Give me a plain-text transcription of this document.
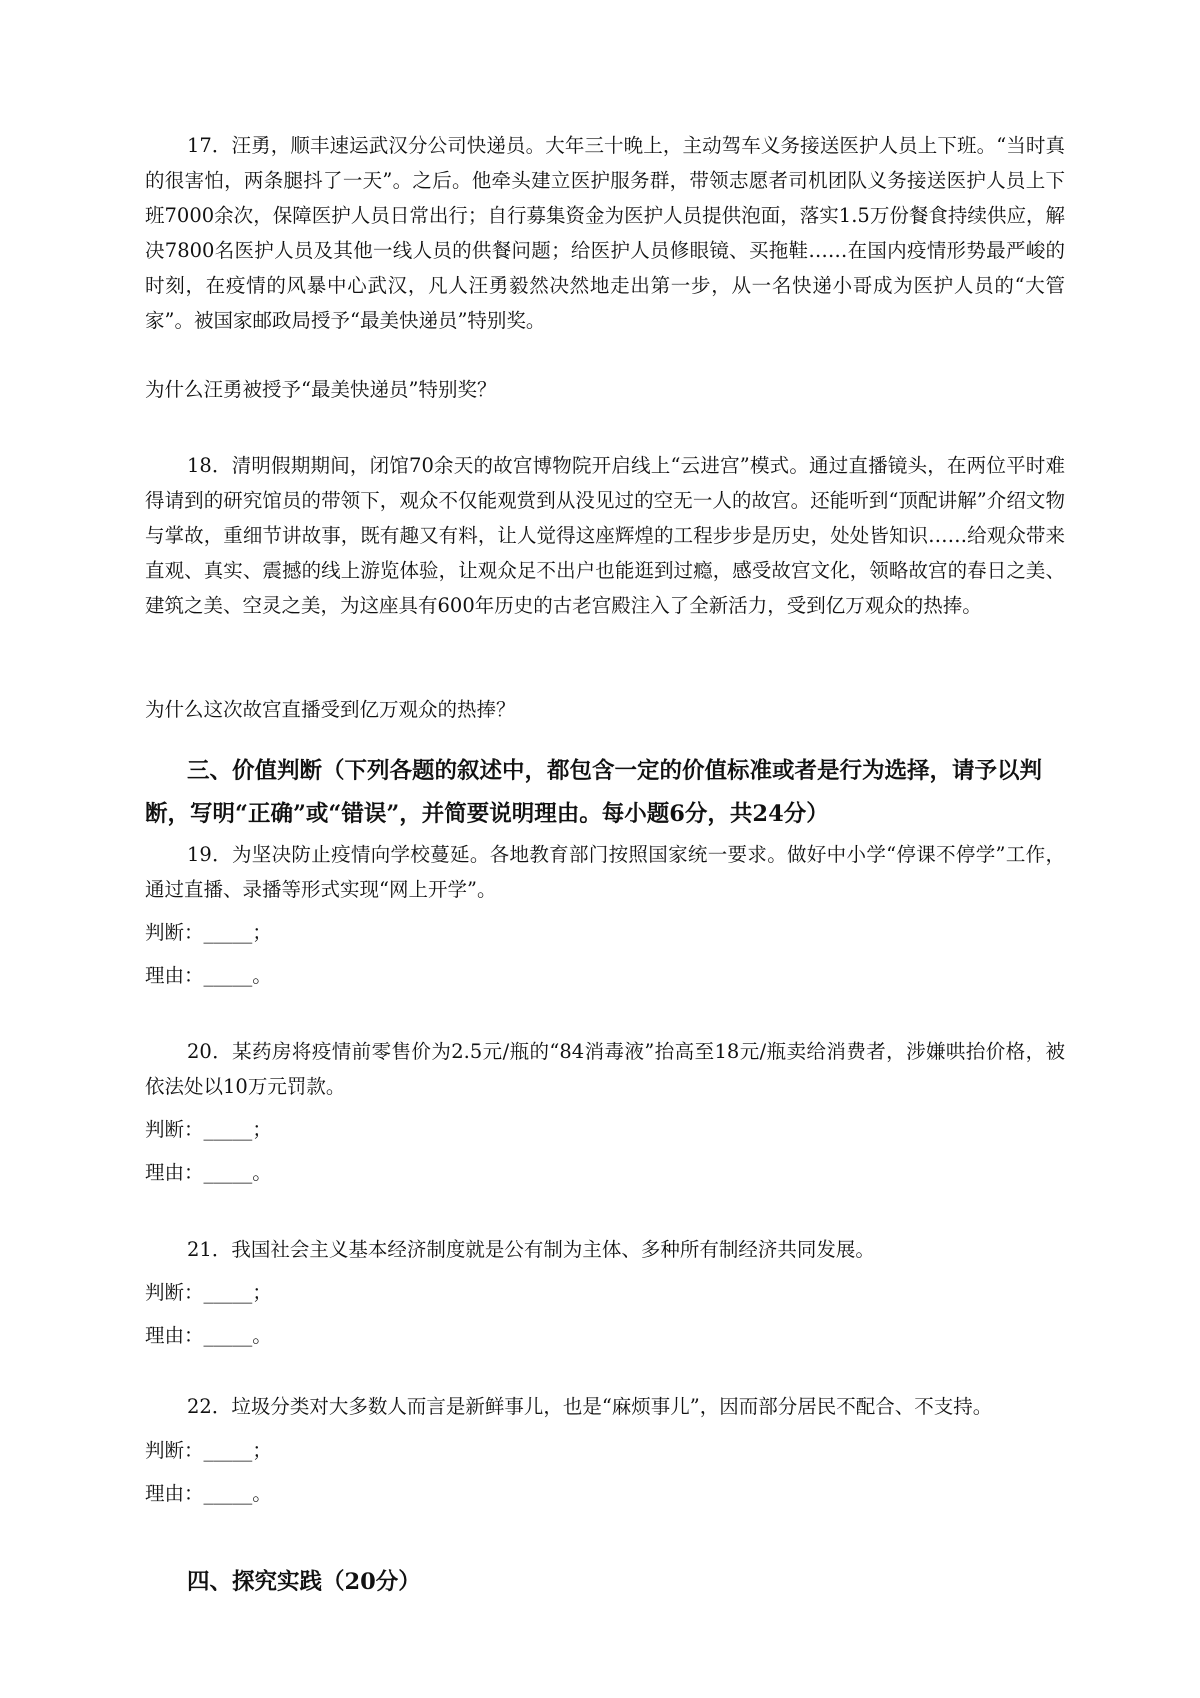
17．汪勇，顺丰速运武汉分公司快递员。大年三十晚上，主动驾车义务接送医护人员上下班。“当时真的很害怕，两条腿抖了一天”。之后。他牵头建立医护服务群，带领志愿者司机团队义务接送医护人员上下班7000余次，保障医护人员日常出行；自行募集资金为医护人员提供泡面，落实1.5万份餐食持续供应，解决7800名医护人员及其他一线人员的供餐问题；给医护人员修眼镜、买拖鞋……在国内疫情形势最严峻的时刻，在疫情的风暴中心武汉，凡人汪勇毅然决然地走出第一步，从一名快递小哥成为医护人员的“大管家”。被国家邮政局授予“最美快递员”特别奖。

为什么汪勇被授予“最美快递员”特别奖？

18．清明假期期间，闭馆70余天的故宫博物院开启线上“云进宫”模式。通过直播镜头，在两位平时难得请到的研究馆员的带领下，观众不仅能观赏到从没见过的空无一人的故宫。还能听到“顶配讲解”介绍文物与掌故，重细节讲故事，既有趣又有料，让人觉得这座辉煌的工程步步是历史，处处皆知识……给观众带来直观、真实、震撼的线上游览体验，让观众足不出户也能逛到过瘾，感受故宫文化，领略故宫的春日之美、建筑之美、空灵之美，为这座具有600年历史的古老宫殿注入了全新活力，受到亿万观众的热捧。

为什么这次故宫直播受到亿万观众的热捧？

三、价值判断（下列各题的叙述中，都包含一定的价值标准或者是行为选择，请予以判断，写明“正确”或“错误”，并简要说明理由。每小题6分，共24分）

19．为坚决防止疫情向学校蔓延。各地教育部门按照国家统一要求。做好中小学“停课不停学”工作，通过直播、录播等形式实现“网上开学”。

判断：_____；

理由：_____。

20．某药房将疫情前零售价为2.5元/瓶的“84消毒液”抬高至18元/瓶卖给消费者，涉嫌哄抬价格，被依法处以10万元罚款。

判断：_____；

理由：_____。

21．我国社会主义基本经济制度就是公有制为主体、多种所有制经济共同发展。

判断：_____；

理由：_____。

22．垃圾分类对大多数人而言是新鲜事儿，也是“麻烦事儿”，因而部分居民不配合、不支持。

判断：_____；

理由：_____。

四、探究实践（20分）
